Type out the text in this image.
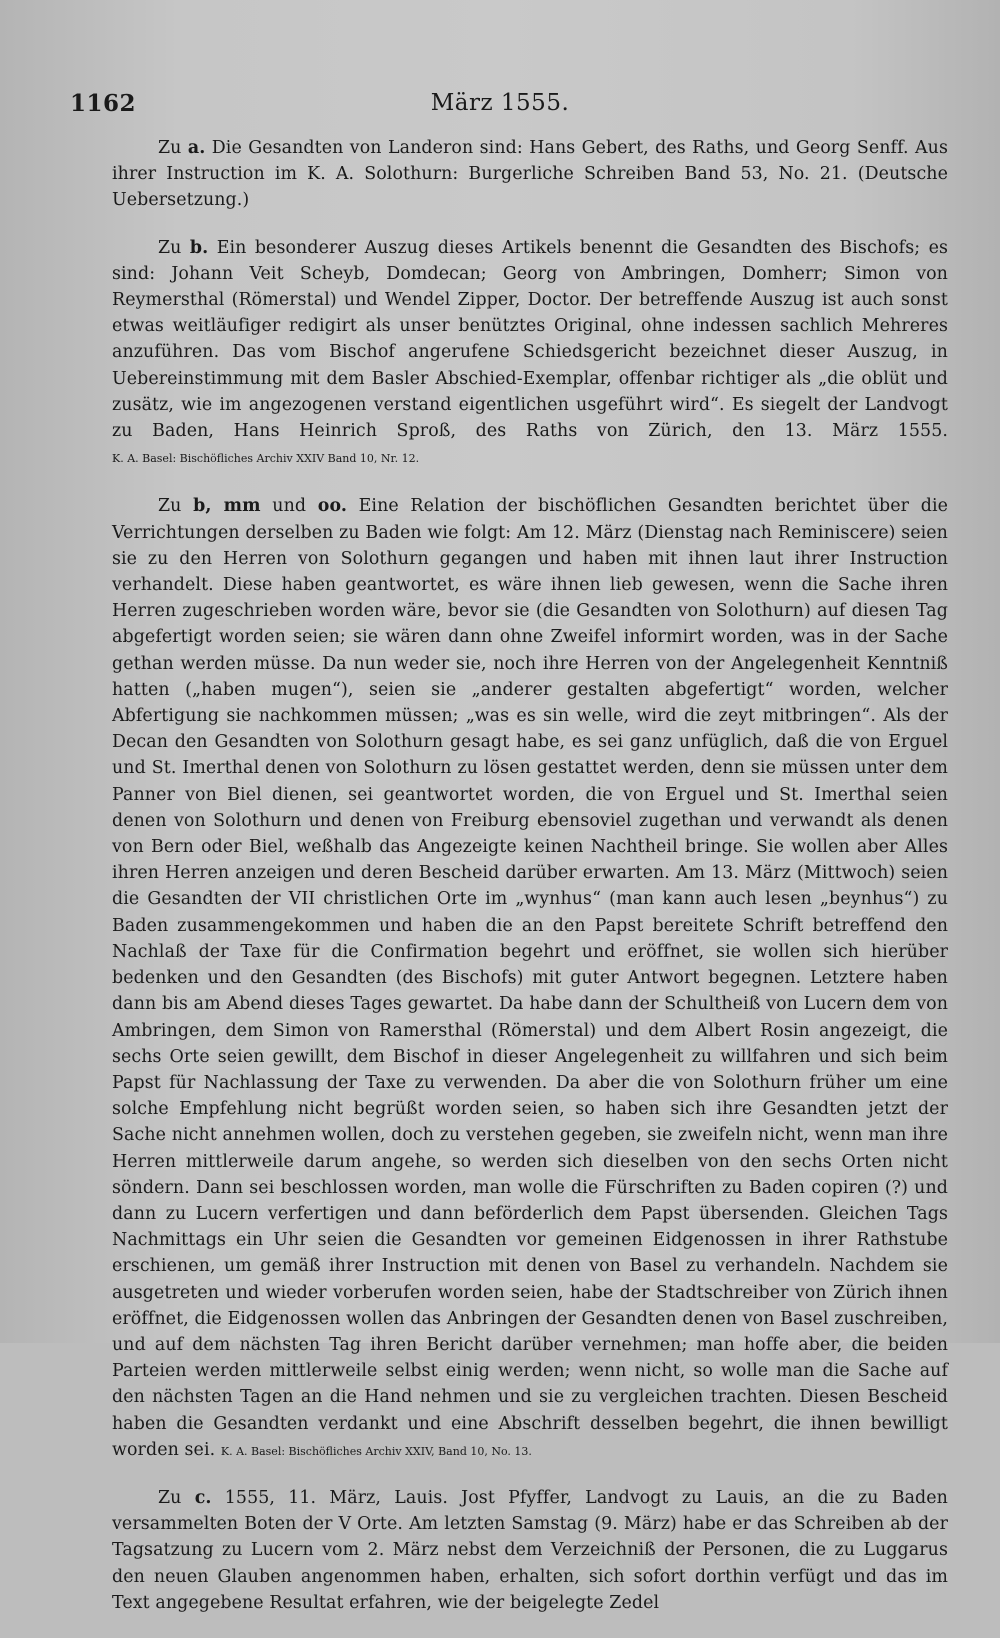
1162	März 1555.

Zu a. Die Gesandten von Landeron sind: Hans Gebert, des Raths, und Georg Senff. Aus ihrer Instruction im K. A. Solothurn: Burgerliche Schreiben Band 53, No. 21. (Deutsche Uebersetzung.)

Zu b. Ein besonderer Auszug dieses Artikels benennt die Gesandten des Bischofs; es sind: Johann Veit Scheyb, Domdecan; Georg von Ambringen, Domherr; Simon von Reymersthal (Römerstal) und Wendel Zipper, Doctor. Der betreffende Auszug ist auch sonst etwas weitläufiger redigirt als unser benütztes Original, ohne indessen sachlich Mehreres anzuführen. Das vom Bischof angerufene Schiedsgericht bezeichnet dieser Auszug, in Uebereinstimmung mit dem Basler Abschied-Exemplar, offenbar richtiger als „die oblüt und zusätz, wie im angezogenen verstand eigentlichen usgeführt wird“. Es siegelt der Landvogt zu Baden, Hans Heinrich Sproß, des Raths von Zürich, den 13. März 1555. K. A. Basel: Bischöfliches Archiv XXIV Band 10, Nr. 12.

Zu b, mm und oo. Eine Relation der bischöflichen Gesandten berichtet über die Verrichtungen derselben zu Baden wie folgt: Am 12. März (Dienstag nach Reminiscere) seien sie zu den Herren von Solothurn gegangen und haben mit ihnen laut ihrer Instruction verhandelt. Diese haben geantwortet, es wäre ihnen lieb gewesen, wenn die Sache ihren Herren zugeschrieben worden wäre, bevor sie (die Gesandten von Solothurn) auf diesen Tag abgefertigt worden seien; sie wären dann ohne Zweifel informirt worden, was in der Sache gethan werden müsse. Da nun weder sie, noch ihre Herren von der Angelegenheit Kenntniß hatten („haben mugen“), seien sie „anderer gestalten abgefertigt“ worden, welcher Abfertigung sie nachkommen müssen; „was es sin welle, wird die zeyt mitbringen“. Als der Decan den Gesandten von Solothurn gesagt habe, es sei ganz unfüglich, daß die von Erguel und St. Imerthal denen von Solothurn zu lösen gestattet werden, denn sie müssen unter dem Panner von Biel dienen, sei geantwortet worden, die von Erguel und St. Imerthal seien denen von Solothurn und denen von Freiburg ebensoviel zugethan und verwandt als denen von Bern oder Biel, weßhalb das Angezeigte keinen Nachtheil bringe. Sie wollen aber Alles ihren Herren anzeigen und deren Bescheid darüber erwarten. Am 13. März (Mittwoch) seien die Gesandten der VII christlichen Orte im „wynhus“ (man kann auch lesen „beynhus“) zu Baden zusammengekommen und haben die an den Papst bereitete Schrift betreffend den Nachlaß der Taxe für die Confirmation begehrt und eröffnet, sie wollen sich hierüber bedenken und den Gesandten (des Bischofs) mit guter Antwort begegnen. Letztere haben dann bis am Abend dieses Tages gewartet. Da habe dann der Schultheiß von Lucern dem von Ambringen, dem Simon von Ramersthal (Römerstal) und dem Albert Rosin angezeigt, die sechs Orte seien gewillt, dem Bischof in dieser Angelegenheit zu willfahren und sich beim Papst für Nachlassung der Taxe zu verwenden. Da aber die von Solothurn früher um eine solche Empfehlung nicht begrüßt worden seien, so haben sich ihre Gesandten jetzt der Sache nicht annehmen wollen, doch zu verstehen gegeben, sie zweifeln nicht, wenn man ihre Herren mittlerweile darum angehe, so werden sich dieselben von den sechs Orten nicht söndern. Dann sei beschlossen worden, man wolle die Fürschriften zu Baden copiren (?) und dann zu Lucern verfertigen und dann beförderlich dem Papst übersenden. Gleichen Tags Nachmittags ein Uhr seien die Gesandten vor gemeinen Eidgenossen in ihrer Rathstube erschienen, um gemäß ihrer Instruction mit denen von Basel zu verhandeln. Nachdem sie ausgetreten und wieder vorberufen worden seien, habe der Stadtschreiber von Zürich ihnen eröffnet, die Eidgenossen wollen das Anbringen der Gesandten denen von Basel zuschreiben, und auf dem nächsten Tag ihren Bericht darüber vernehmen; man hoffe aber, die beiden Parteien werden mittlerweile selbst einig werden; wenn nicht, so wolle man die Sache auf den nächsten Tagen an die Hand nehmen und sie zu vergleichen trachten. Diesen Bescheid haben die Gesandten verdankt und eine Abschrift desselben begehrt, die ihnen bewilligt worden sei. K. A. Basel: Bischöfliches Archiv XXIV, Band 10, No. 13.

Zu c. 1555, 11. März, Lauis. Jost Pfyffer, Landvogt zu Lauis, an die zu Baden versammelten Boten der V Orte. Am letzten Samstag (9. März) habe er das Schreiben ab der Tagsatzung zu Lucern vom 2. März nebst dem Verzeichniß der Personen, die zu Luggarus den neuen Glauben angenommen haben, erhalten, sich sofort dorthin verfügt und das im Text angegebene Resultat erfahren, wie der beigelegte Zedel
